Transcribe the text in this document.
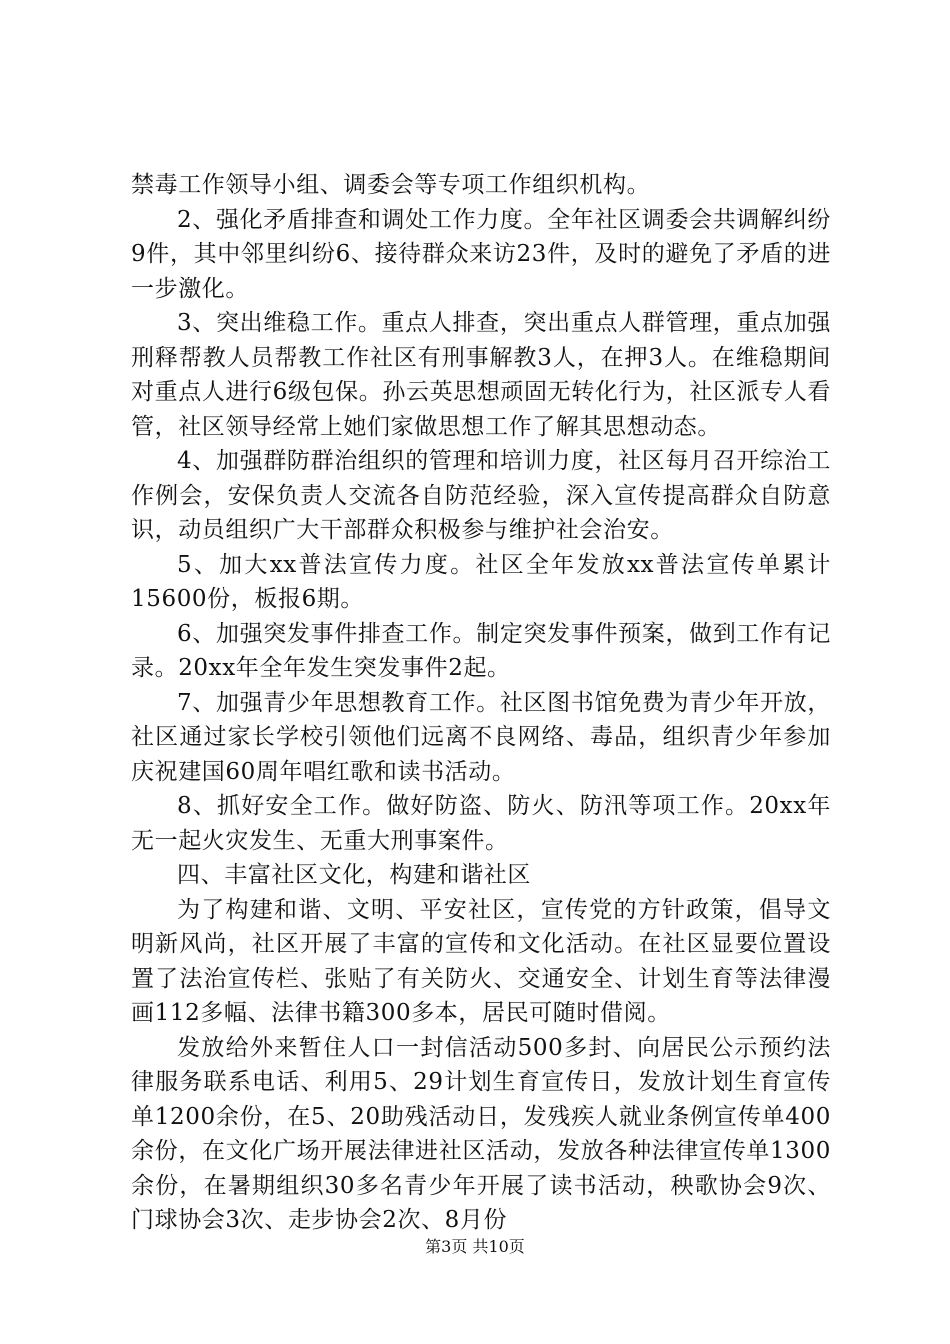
禁毒工作领导小组、调委会等专项工作组织机构。

2、强化矛盾排查和调处工作力度。全年社区调委会共调解纠纷9件，其中邻里纠纷6、接待群众来访23件，及时的避免了矛盾的进一步激化。

3、突出维稳工作。重点人排查，突出重点人群管理，重点加强刑释帮教人员帮教工作社区有刑事解教3人，在押3人。在维稳期间对重点人进行6级包保。孙云英思想顽固无转化行为，社区派专人看管，社区领导经常上她们家做思想工作了解其思想动态。

4、加强群防群治组织的管理和培训力度，社区每月召开综治工作例会，安保负责人交流各自防范经验，深入宣传提高群众自防意识，动员组织广大干部群众积极参与维护社会治安。

5、加大xx普法宣传力度。社区全年发放xx普法宣传单累计15600份，板报6期。

6、加强突发事件排查工作。制定突发事件预案，做到工作有记录。20xx年全年发生突发事件2起。

7、加强青少年思想教育工作。社区图书馆免费为青少年开放，社区通过家长学校引领他们远离不良网络、毒品，组织青少年参加庆祝建国60周年唱红歌和读书活动。

8、抓好安全工作。做好防盗、防火、防汛等项工作。20xx年无一起火灾发生、无重大刑事案件。

四、丰富社区文化，构建和谐社区

为了构建和谐、文明、平安社区，宣传党的方针政策，倡导文明新风尚，社区开展了丰富的宣传和文化活动。在社区显要位置设置了法治宣传栏、张贴了有关防火、交通安全、计划生育等法律漫画112多幅、法律书籍300多本，居民可随时借阅。

发放给外来暂住人口一封信活动500多封、向居民公示预约法律服务联系电话、利用5、29计划生育宣传日，发放计划生育宣传单1200余份，在5、20助残活动日，发残疾人就业条例宣传单400余份，在文化广场开展法律进社区活动，发放各种法律宣传单1300余份，在暑期组织30多名青少年开展了读书活动，秧歌协会9次、门球协会3次、走步协会2次、8月份

第3页 共10页
